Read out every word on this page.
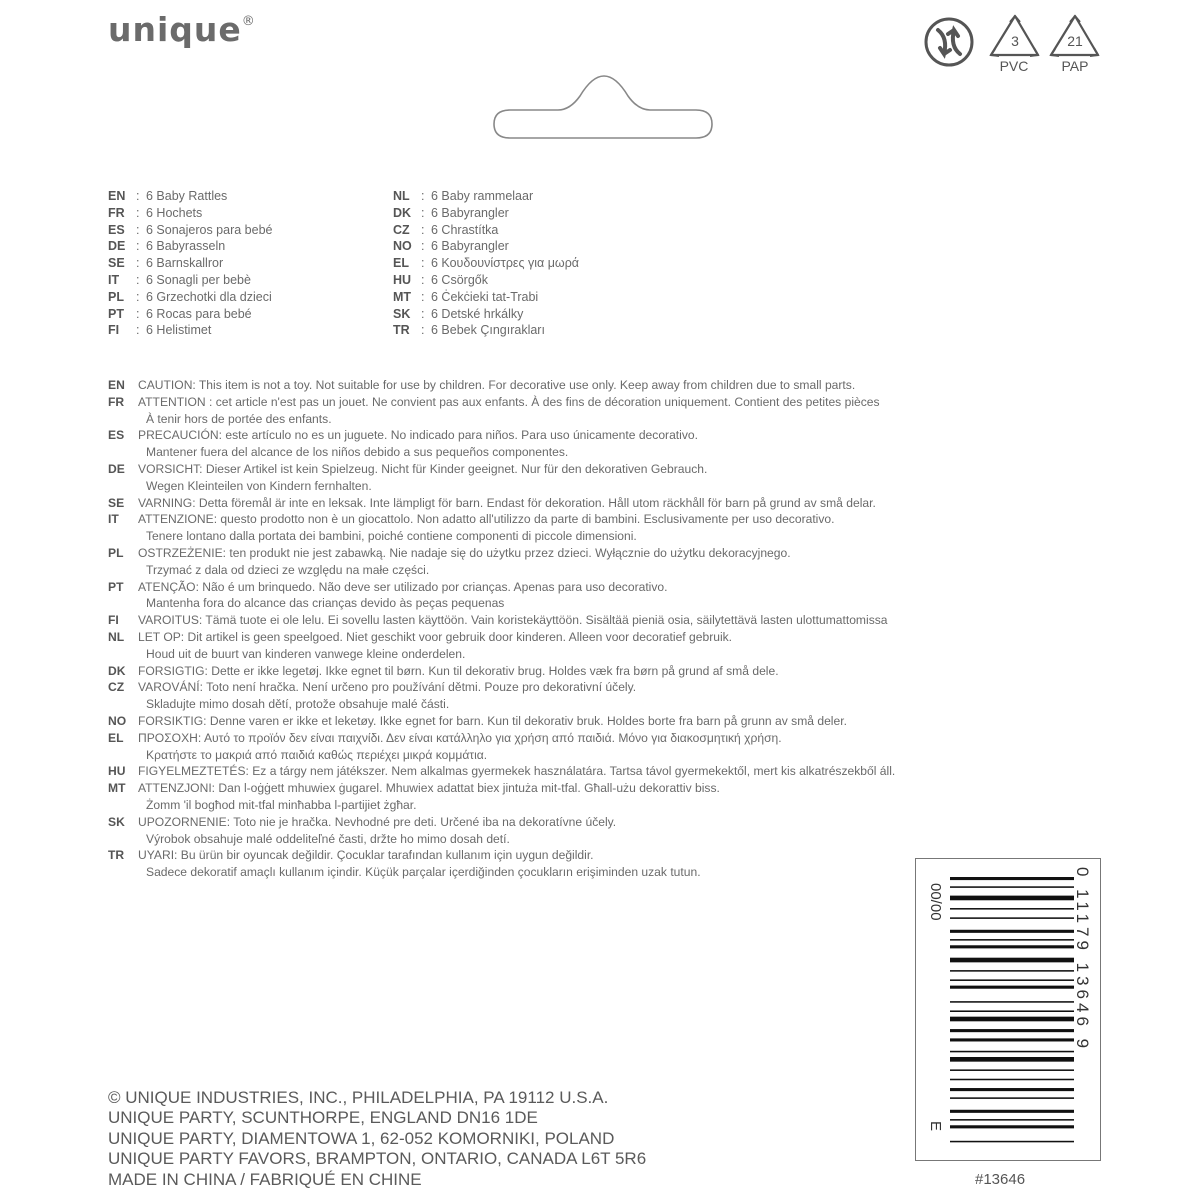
unique®
3	21
PVC	PAP
EN : 6 Baby Rattles
FR : 6 Hochets
ES : 6 Sonajeros para bebé
DE : 6 Babyrasseln
SE : 6 Barnskallror
IT : 6 Sonagli per bebè
PL : 6 Grzechotki dla dzieci
PT : 6 Rocas para bebé
FI : 6 Helistimet
NL : 6 Baby rammelaar
DK : 6 Babyrangler
CZ : 6 Chrastítka
NO : 6 Babyrangler
EL : 6 Κουδουνίστρες για μωρά
HU : 6 Csörgők
MT : 6 Ċekċieki tat-Trabi
SK : 6 Detské hrkálky
TR : 6 Bebek Çıngırakları
EN CAUTION: This item is not a toy. Not suitable for use by children. For decorative use only. Keep away from children due to small parts.
FR ATTENTION : cet article n'est pas un jouet. Ne convient pas aux enfants. À des fins de décoration uniquement. Contient des petites pièces
À tenir hors de portée des enfants.
ES PRECAUCIÓN: este artículo no es un juguete. No indicado para niños. Para uso únicamente decorativo.
Mantener fuera del alcance de los niños debido a sus pequeños componentes.
DE VORSICHT: Dieser Artikel ist kein Spielzeug. Nicht für Kinder geeignet. Nur für den dekorativen Gebrauch.
Wegen Kleinteilen von Kindern fernhalten.
SE VARNING: Detta föremål är inte en leksak. Inte lämpligt för barn. Endast för dekoration. Håll utom räckhåll för barn på grund av små delar.
IT ATTENZIONE: questo prodotto non è un giocattolo. Non adatto all'utilizzo da parte di bambini. Esclusivamente per uso decorativo.
Tenere lontano dalla portata dei bambini, poiché contiene componenti di piccole dimensioni.
PL OSTRZEŻENIE: ten produkt nie jest zabawką. Nie nadaje się do użytku przez dzieci. Wyłącznie do użytku dekoracyjnego.
Trzymać z dala od dzieci ze względu na małe części.
PT ATENÇÃO: Não é um brinquedo. Não deve ser utilizado por crianças. Apenas para uso decorativo.
Mantenha fora do alcance das crianças devido às peças pequenas
FI VAROITUS: Tämä tuote ei ole lelu. Ei sovellu lasten käyttöön. Vain koristekäyttöön. Sisältää pieniä osia, säilytettävä lasten ulottumattomissa
NL LET OP: Dit artikel is geen speelgoed. Niet geschikt voor gebruik door kinderen. Alleen voor decoratief gebruik.
Houd uit de buurt van kinderen vanwege kleine onderdelen.
DK FORSIGTIG: Dette er ikke legetøj. Ikke egnet til børn. Kun til dekorativ brug. Holdes væk fra børn på grund af små dele.
CZ VAROVÁNÍ: Toto není hračka. Není určeno pro používání dětmi. Pouze pro dekorativní účely.
Skladujte mimo dosah dětí, protože obsahuje malé části.
NO FORSIKTIG: Denne varen er ikke et leketøy. Ikke egnet for barn. Kun til dekorativ bruk. Holdes borte fra barn på grunn av små deler.
EL ΠΡΟΣΟΧΗ: Αυτό το προϊόν δεν είναι παιχνίδι. Δεν είναι κατάλληλο για χρήση από παιδιά. Μόνο για διακοσμητική χρήση.
Κρατήστε το μακριά από παιδιά καθώς περιέχει μικρά κομμάτια.
HU FIGYELMEZTETÉS: Ez a tárgy nem játékszer. Nem alkalmas gyermekek használatára. Tartsa távol gyermekektől, mert kis alkatrészekből áll.
MT ATTENZJONI: Dan l-oġġett mhuwiex ġugarel. Mhuwiex adattat biex jintuża mit-tfal. Għall-użu dekorattiv biss.
Żomm 'il bogħod mit-tfal minħabba l-partijiet żgħar.
SK UPOZORNENIE: Toto nie je hračka. Nevhodné pre deti. Určené iba na dekoratívne účely.
Výrobok obsahuje malé oddeliteľné časti, držte ho mimo dosah detí.
TR UYARI: Bu ürün bir oyuncak değildir. Çocuklar tarafından kullanım için uygun değildir.
Sadece dekoratif amaçlı kullanım içindir. Küçük parçalar içerdiğinden çocukların erişiminden uzak tutun.
© UNIQUE INDUSTRIES, INC., PHILADELPHIA, PA 19112 U.S.A.
UNIQUE PARTY, SCUNTHORPE, ENGLAND DN16 1DE
UNIQUE PARTY, DIAMENTOWA 1, 62-052 KOMORNIKI, POLAND
UNIQUE PARTY FAVORS, BRAMPTON, ONTARIO, CANADA L6T 5R6
MADE IN CHINA / FABRIQUÉ EN CHINE
00/00
E
0 11179 13646 9
#13646
